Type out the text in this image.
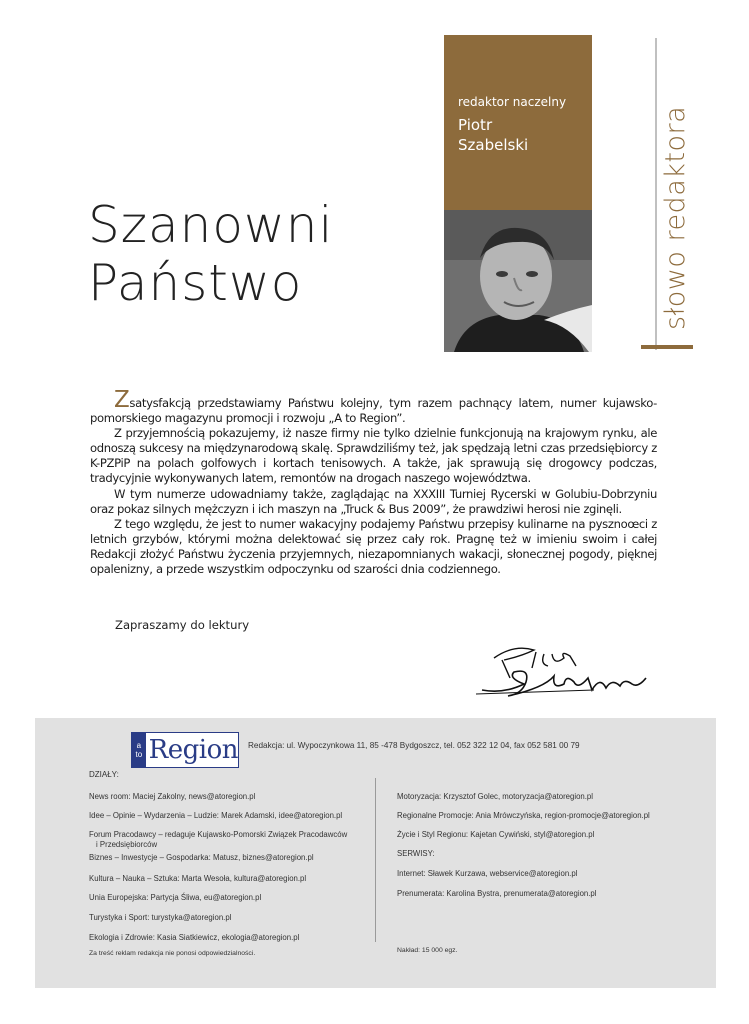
redaktor naczelny
Piotr
Szabelski	słowo redaktora
Szanowni
Państwo

Zsatysfakcją przedstawiamy Państwu kolejny, tym razem pachnący latem, numer kujawsko-pomorskiego magazynu promocji i rozwoju „A to Region”.

Z przyjemnością pokazujemy, iż nasze firmy nie tylko dzielnie funkcjonują na krajowym rynku, ale odnoszą sukcesy na międzynarodową skalę. Sprawdziliśmy też, jak spędzają letni czas przedsiębiorcy z K-PZPiP na polach golfowych i kortach tenisowych. A także, jak sprawują się drogowcy podczas, tradycyjnie wykonywanych latem, remontów na drogach naszego województwa.

W tym numerze udowadniamy także, zaglądając na XXXIII Turniej Rycerski w Golubiu-Dobrzyniu oraz pokaz silnych mężczyzn i ich maszyn na „Truck & Bus 2009”, że prawdziwi herosi nie zginęli.

Z tego względu, że jest to numer wakacyjny podajemy Państwu przepisy kulinarne na pysznoœci z letnich grzybów, którymi można delektować się przez cały rok. Pragnę też w imieniu swoim i całej Redakcji złożyć Państwu życzenia przyjemnych, niezapomnianych wakacji, słonecznej pogody, pięknej opalenizny, a przede wszystkim odpoczynku od szarości dnia codziennego.

Zapraszamy do lektury
a
to Region Redakcja: ul. Wypoczynkowa 11, 85 -478 Bydgoszcz, tel. 052 322 12 04, fax 052 581 00 79
DZIAŁY:
News room: Maciej Zakolny, news@atoregion.pl
Idee – Opinie – Wydarzenia – Ludzie: Marek Adamski, idee@atoregion.pl
Forum Pracodawcy – redaguje Kujawsko-Pomorski Związek Pracodawców
i Przedsiębiorców
Biznes – Inwestycje – Gospodarka: Matusz, biznes@atoregion.pl
Kultura – Nauka – Sztuka: Marta Wesoła, kultura@atoregion.pl
Unia Europejska: Partycja Śliwa, eu@atoregion.pl
Turystyka i Sport: turystyka@atoregion.pl
Ekologia i Zdrowie: Kasia Siatkiewicz, ekologia@atoregion.pl
Za treść reklam redakcja nie ponosi odpowiedzialności.
Motoryzacja: Krzysztof Golec, motoryzacja@atoregion.pl
Regionalne Promocje: Ania Mrówczyńska, region-promocje@atoregion.pl
Życie i Styl Regionu: Kajetan Cywiński, styl@atoregion.pl
SERWISY:
Internet: Sławek Kurzawa, webservice@atoregion.pl
Prenumerata: Karolina Bystra, prenumerata@atoregion.pl
Nakład: 15 000 egz.
